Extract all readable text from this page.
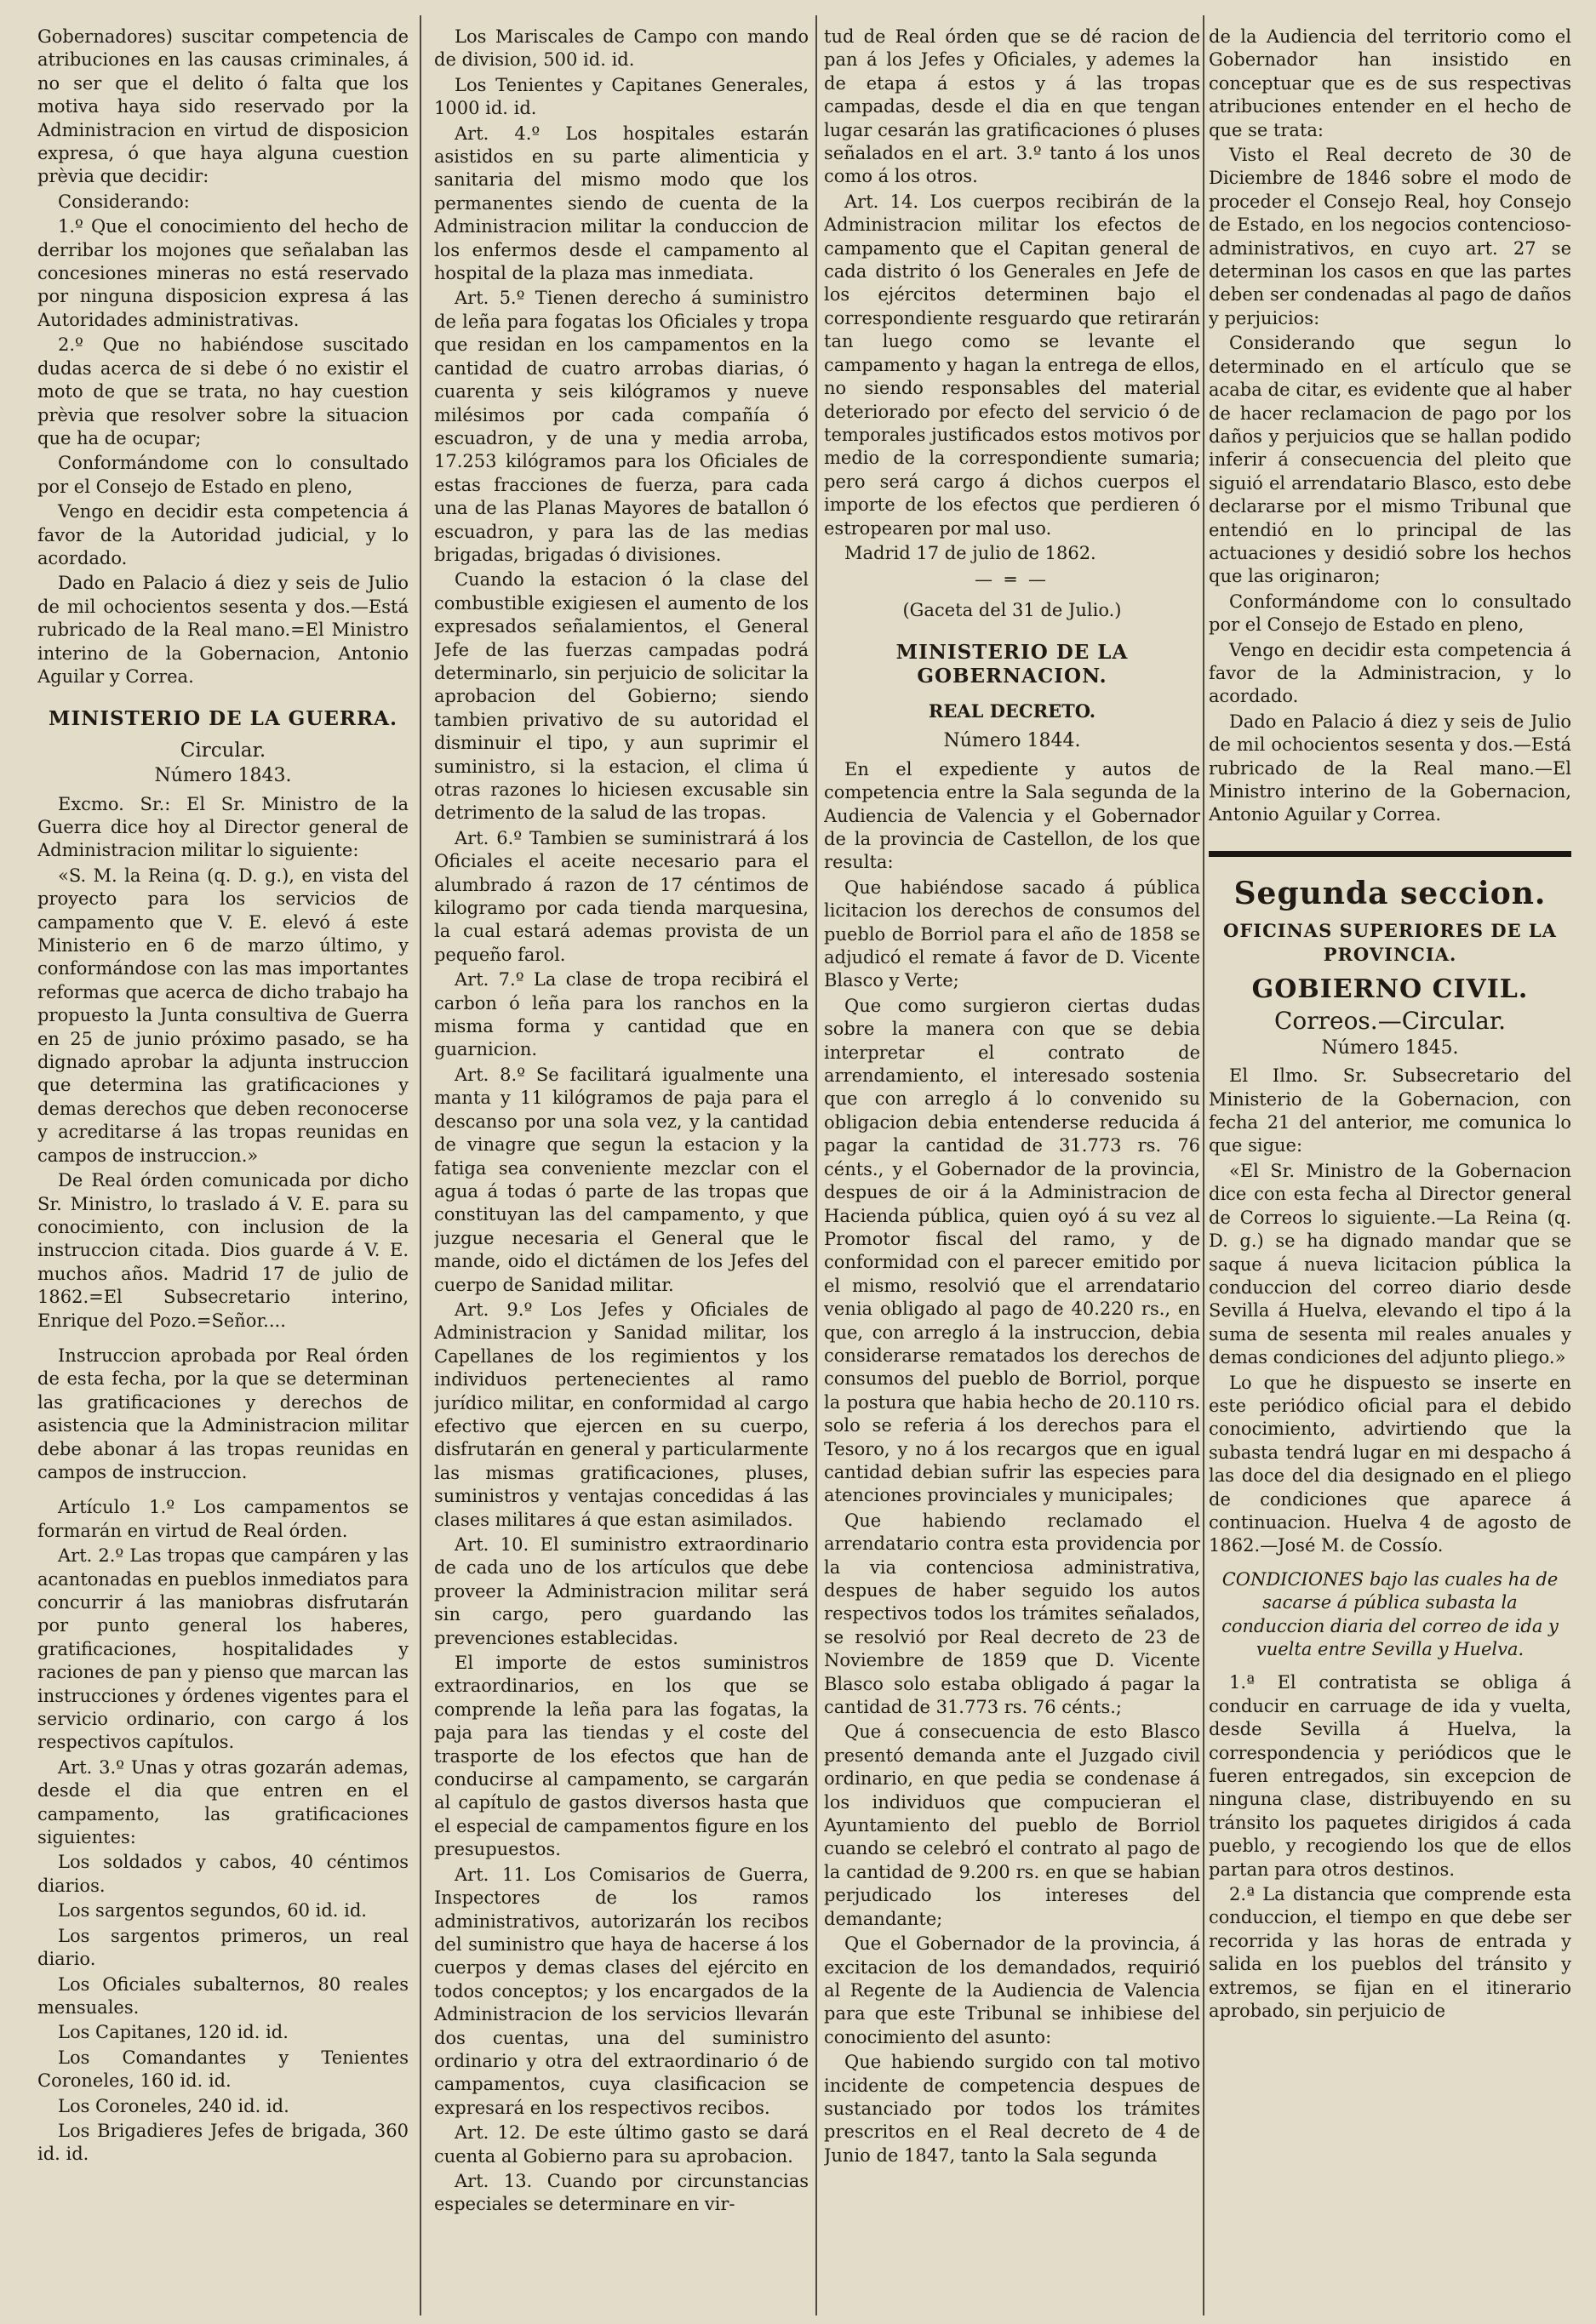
Gobernadores) suscitar competencia de atribuciones en las causas criminales, á no ser que el delito ó falta que los motiva haya sido reservado por la Administracion en virtud de disposicion expresa, ó que haya alguna cuestion prèvia que decidir:

Considerando:

1.º Que el conocimiento del hecho de derribar los mojones que señalaban las concesiones mineras no está reservado por ninguna disposicion expresa á las Autoridades administrativas.

2.º Que no habiéndose suscitado dudas acerca de si debe ó no existir el moto de que se trata, no hay cuestion prèvia que resolver sobre la situacion que ha de ocupar;

Conformándome con lo consultado por el Consejo de Estado en pleno,

Vengo en decidir esta competencia á favor de la Autoridad judicial, y lo acordado.

Dado en Palacio á diez y seis de Julio de mil ochocientos sesenta y dos.—Está rubricado de la Real mano.=El Ministro interino de la Gobernacion, Antonio Aguilar y Correa.

MINISTERIO DE LA GUERRA.

Circular.

Número 1843.

Excmo. Sr.: El Sr. Ministro de la Guerra dice hoy al Director general de Administracion militar lo siguiente:

«S. M. la Reina (q. D. g.), en vista del proyecto para los servicios de campamento que V. E. elevó á este Ministerio en 6 de marzo último, y conformándose con las mas importantes reformas que acerca de dicho trabajo ha propuesto la Junta consultiva de Guerra en 25 de junio próximo pasado, se ha dignado aprobar la adjunta instruccion que determina las gratificaciones y demas derechos que deben reconocerse y acreditarse á las tropas reunidas en campos de instruccion.»

De Real órden comunicada por dicho Sr. Ministro, lo traslado á V. E. para su conocimiento, con inclusion de la instruccion citada. Dios guarde á V. E. muchos años. Madrid 17 de julio de 1862.=El Subsecretario interino, Enrique del Pozo.=Señor....

Instruccion aprobada por Real órden de esta fecha, por la que se determinan las gratificaciones y derechos de asistencia que la Administracion militar debe abonar á las tropas reunidas en campos de instruccion.

Artículo 1.º Los campamentos se formarán en virtud de Real órden.

Art. 2.º Las tropas que campáren y las acantonadas en pueblos inmediatos para concurrir á las maniobras disfrutarán por punto general los haberes, gratificaciones, hospitalidades y raciones de pan y pienso que marcan las instrucciones y órdenes vigentes para el servicio ordinario, con cargo á los respectivos capítulos.

Art. 3.º Unas y otras gozarán ademas, desde el dia que entren en el campamento, las gratificaciones siguientes:

Los soldados y cabos, 40 céntimos diarios.

Los sargentos segundos, 60 id. id.

Los sargentos primeros, un real diario.

Los Oficiales subalternos, 80 reales mensuales.

Los Capitanes, 120 id. id.

Los Comandantes y Tenientes Coroneles, 160 id. id.

Los Coroneles, 240 id. id.

Los Brigadieres Jefes de brigada, 360 id. id.

Los Mariscales de Campo con mando de division, 500 id. id.

Los Tenientes y Capitanes Generales, 1000 id. id.

Art. 4.º Los hospitales estarán asistidos en su parte alimenticia y sanitaria del mismo modo que los permanentes siendo de cuenta de la Administracion militar la conduccion de los enfermos desde el campamento al hospital de la plaza mas inmediata.

Art. 5.º Tienen derecho á suministro de leña para fogatas los Oficiales y tropa que residan en los campamentos en la cantidad de cuatro arrobas diarias, ó cuarenta y seis kilógramos y nueve milésimos por cada compañía ó escuadron, y de una y media arroba, 17.253 kilógramos para los Oficiales de estas fracciones de fuerza, para cada una de las Planas Mayores de batallon ó escuadron, y para las de las medias brigadas, brigadas ó divisiones.

Cuando la estacion ó la clase del combustible exigiesen el aumento de los expresados señalamientos, el General Jefe de las fuerzas campadas podrá determinarlo, sin perjuicio de solicitar la aprobacion del Gobierno; siendo tambien privativo de su autoridad el disminuir el tipo, y aun suprimir el suministro, si la estacion, el clima ú otras razones lo hiciesen excusable sin detrimento de la salud de las tropas.

Art. 6.º Tambien se suministrará á los Oficiales el aceite necesario para el alumbrado á razon de 17 céntimos de kilogramo por cada tienda marquesina, la cual estará ademas provista de un pequeño farol.

Art. 7.º La clase de tropa recibirá el carbon ó leña para los ranchos en la misma forma y cantidad que en guarnicion.

Art. 8.º Se facilitará igualmente una manta y 11 kilógramos de paja para el descanso por una sola vez, y la cantidad de vinagre que segun la estacion y la fatiga sea conveniente mezclar con el agua á todas ó parte de las tropas que constituyan las del campamento, y que juzgue necesaria el General que le mande, oido el dictámen de los Jefes del cuerpo de Sanidad militar.

Art. 9.º Los Jefes y Oficiales de Administracion y Sanidad militar, los Capellanes de los regimientos y los individuos pertenecientes al ramo jurídico militar, en conformidad al cargo efectivo que ejercen en su cuerpo, disfrutarán en general y particularmente las mismas gratificaciones, pluses, suministros y ventajas concedidas á las clases militares á que estan asimilados.

Art. 10. El suministro extraordinario de cada uno de los artículos que debe proveer la Administracion militar será sin cargo, pero guardando las prevenciones establecidas.

El importe de estos suministros extraordinarios, en los que se comprende la leña para las fogatas, la paja para las tiendas y el coste del trasporte de los efectos que han de conducirse al campamento, se cargarán al capítulo de gastos diversos hasta que el especial de campamentos figure en los presupuestos.

Art. 11. Los Comisarios de Guerra, Inspectores de los ramos administrativos, autorizarán los recibos del suministro que haya de hacerse á los cuerpos y demas clases del ejército en todos conceptos; y los encargados de la Administracion de los servicios llevarán dos cuentas, una del suministro ordinario y otra del extraordinario ó de campamentos, cuya clasificacion se expresará en los respectivos recibos.

Art. 12. De este último gasto se dará cuenta al Gobierno para su aprobacion.

Art. 13. Cuando por circunstancias especiales se determinare en vir-

tud de Real órden que se dé racion de pan á los Jefes y Oficiales, y ademes la de etapa á estos y á las tropas campadas, desde el dia en que tengan lugar cesarán las gratificaciones ó pluses señalados en el art. 3.º tanto á los unos como á los otros.

Art. 14. Los cuerpos recibirán de la Administracion militar los efectos de campamento que el Capitan general de cada distrito ó los Generales en Jefe de los ejércitos determinen bajo el correspondiente resguardo que retirarán tan luego como se levante el campamento y hagan la entrega de ellos, no siendo responsables del material deteriorado por efecto del servicio ó de temporales justificados estos motivos por medio de la correspondiente sumaria; pero será cargo á dichos cuerpos el importe de los efectos que perdieren ó estropearen por mal uso.

Madrid 17 de julio de 1862.

— ═ —

(Gaceta del 31 de Julio.)

MINISTERIO DE LA GOBERNACION.

REAL DECRETO.

Número 1844.

En el expediente y autos de competencia entre la Sala segunda de la Audiencia de Valencia y el Gobernador de la provincia de Castellon, de los que resulta:

Que habiéndose sacado á pública licitacion los derechos de consumos del pueblo de Borriol para el año de 1858 se adjudicó el remate á favor de D. Vicente Blasco y Verte;

Que como surgieron ciertas dudas sobre la manera con que se debia interpretar el contrato de arrendamiento, el interesado sostenia que con arreglo á lo convenido su obligacion debia entenderse reducida á pagar la cantidad de 31.773 rs. 76 cénts., y el Gobernador de la provincia, despues de oir á la Administracion de Hacienda pública, quien oyó á su vez al Promotor fiscal del ramo, y de conformidad con el parecer emitido por el mismo, resolvió que el arrendatario venia obligado al pago de 40.220 rs., en que, con arreglo á la instruccion, debia considerarse rematados los derechos de consumos del pueblo de Borriol, porque la postura que habia hecho de 20.110 rs. solo se referia á los derechos para el Tesoro, y no á los recargos que en igual cantidad debian sufrir las especies para atenciones provinciales y municipales;

Que habiendo reclamado el arrendatario contra esta providencia por la via contenciosa administrativa, despues de haber seguido los autos respectivos todos los trámites señalados, se resolvió por Real decreto de 23 de Noviembre de 1859 que D. Vicente Blasco solo estaba obligado á pagar la cantidad de 31.773 rs. 76 cénts.;

Que á consecuencia de esto Blasco presentó demanda ante el Juzgado civil ordinario, en que pedia se condenase á los individuos que compucieran el Ayuntamiento del pueblo de Borriol cuando se celebró el contrato al pago de la cantidad de 9.200 rs. en que se habian perjudicado los intereses del demandante;

Que el Gobernador de la provincia, á excitacion de los demandados, requirió al Regente de la Audiencia de Valencia para que este Tribunal se inhibiese del conocimiento del asunto:

Que habiendo surgido con tal motivo incidente de competencia despues de sustanciado por todos los trámites prescritos en el Real decreto de 4 de Junio de 1847, tanto la Sala segunda

de la Audiencia del territorio como el Gobernador han insistido en conceptuar que es de sus respectivas atribuciones entender en el hecho de que se trata:

Visto el Real decreto de 30 de Diciembre de 1846 sobre el modo de proceder el Consejo Real, hoy Consejo de Estado, en los negocios contencioso-administrativos, en cuyo art. 27 se determinan los casos en que las partes deben ser condenadas al pago de daños y perjuicios:

Considerando que segun lo determinado en el artículo que se acaba de citar, es evidente que al haber de hacer reclamacion de pago por los daños y perjuicios que se hallan podido inferir á consecuencia del pleito que siguió el arrendatario Blasco, esto debe declararse por el mismo Tribunal que entendió en lo principal de las actuaciones y desidió sobre los hechos que las originaron;

Conformándome con lo consultado por el Consejo de Estado en pleno,

Vengo en decidir esta competencia á favor de la Administracion, y lo acordado.

Dado en Palacio á diez y seis de Julio de mil ochocientos sesenta y dos.—Está rubricado de la Real mano.—El Ministro interino de la Gobernacion, Antonio Aguilar y Correa.

Segunda seccion.

OFICINAS SUPERIORES DE LA PROVINCIA.

GOBIERNO CIVIL.

Correos.—Circular.

Número 1845.

El Ilmo. Sr. Subsecretario del Ministerio de la Gobernacion, con fecha 21 del anterior, me comunica lo que sigue:

«El Sr. Ministro de la Gobernacion dice con esta fecha al Director general de Correos lo siguiente.—La Reina (q. D. g.) se ha dignado mandar que se saque á nueva licitacion pública la conduccion del correo diario desde Sevilla á Huelva, elevando el tipo á la suma de sesenta mil reales anuales y demas condiciones del adjunto pliego.»

Lo que he dispuesto se inserte en este periódico oficial para el debido conocimiento, advirtiendo que la subasta tendrá lugar en mi despacho á las doce del dia designado en el pliego de condiciones que aparece á continuacion. Huelva 4 de agosto de 1862.—José M. de Cossío.

CONDICIONES bajo las cuales ha de sacarse á pública subasta la conduccion diaria del correo de ida y vuelta entre Sevilla y Huelva.

1.ª El contratista se obliga á conducir en carruage de ida y vuelta, desde Sevilla á Huelva, la correspondencia y periódicos que le fueren entregados, sin excepcion de ninguna clase, distribuyendo en su tránsito los paquetes dirigidos á cada pueblo, y recogiendo los que de ellos partan para otros destinos.

2.ª La distancia que comprende esta conduccion, el tiempo en que debe ser recorrida y las horas de entrada y salida en los pueblos del tránsito y extremos, se fijan en el itinerario aprobado, sin perjuicio de
